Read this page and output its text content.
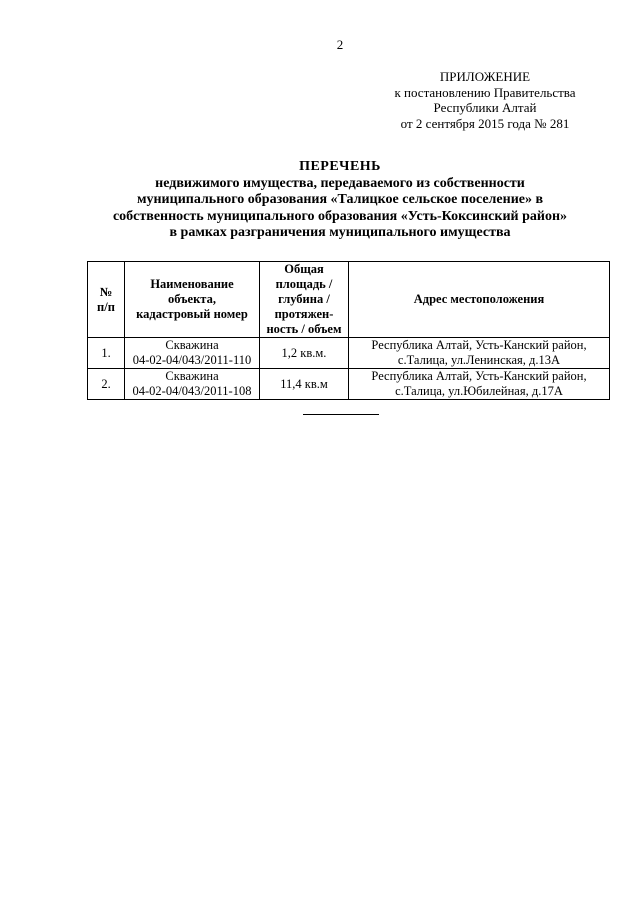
2
ПРИЛОЖЕНИЕ
к постановлению Правительства
Республики Алтай
от 2 сентября 2015 года № 281
ПЕРЕЧЕНЬ
недвижимого имущества, передаваемого из собственности
муниципального образования «Талицкое сельское поселение» в
собственность муниципального образования «Усть-Коксинский район»
в рамках разграничения муниципального имущества
№
п/п	Наименование
объекта,
кадастровый номер	Общая
площадь /
глубина /
протяжен-
ность / объем	Адрес местоположения
1.	Скважина
04-02-04/043/2011-110	1,2 кв.м.	Республика Алтай, Усть-Канский район,
с.Талица, ул.Ленинская, д.13А
2.	Скважина
04-02-04/043/2011-108	11,4 кв.м	Республика Алтай, Усть-Канский район,
с.Талица, ул.Юбилейная, д.17А
